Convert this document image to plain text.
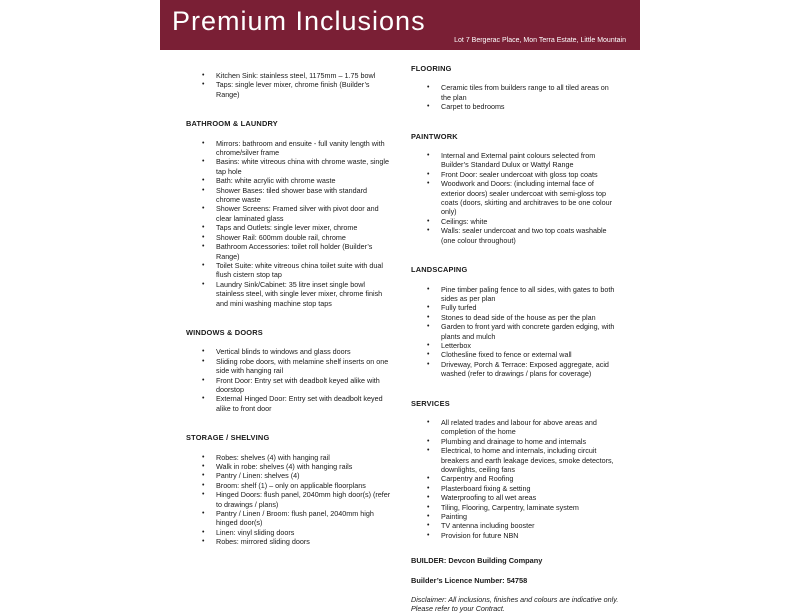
Premium Inclusions
Lot 7 Bergerac Place, Mon Terra Estate, Little Mountain
• Kitchen Sink: stainless steel, 1175mm – 1.75 bowl
• Taps: single lever mixer, chrome finish (Builder’s Range)
BATHROOM & LAUNDRY
• Mirrors: bathroom and ensuite - full vanity length with chrome/silver frame
• Basins: white vitreous china with chrome waste, single tap hole
• Bath: white acrylic with chrome waste
• Shower Bases: tiled shower base with standard chrome waste
• Shower Screens: Framed silver with pivot door and clear laminated glass
• Taps and Outlets: single lever mixer, chrome
• Shower Rail: 600mm double rail, chrome
• Bathroom Accessories: toilet roll holder (Builder’s Range)
• Toilet Suite: white vitreous china toilet suite with dual flush cistern stop tap
• Laundry Sink/Cabinet: 35 litre inset single bowl stainless steel, with single lever mixer, chrome finish and mini washing machine stop taps
WINDOWS & DOORS
• Vertical blinds to windows and glass doors
• Sliding robe doors, with melamine shelf inserts on one side with hanging rail
• Front Door: Entry set with deadbolt keyed alike with doorstop
• External Hinged Door: Entry set with deadbolt keyed alike to front door
STORAGE / SHELVING
• Robes: shelves (4) with hanging rail
• Walk in robe: shelves (4) with hanging rails
• Pantry / Linen: shelves (4)
• Broom: shelf (1) – only on applicable floorplans
• Hinged Doors: flush panel, 2040mm high door(s) (refer to drawings / plans)
• Pantry / Linen / Broom: flush panel, 2040mm high hinged door(s)
• Linen: vinyl sliding doors
• Robes: mirrored sliding doors
FLOORING
• Ceramic tiles from builders range to all tiled areas on the plan
• Carpet to bedrooms
PAINTWORK
• Internal and External paint colours selected from Builder’s Standard Dulux or Wattyl Range
• Front Door: sealer undercoat with gloss top coats
• Woodwork and Doors: (including internal face of exterior doors) sealer undercoat with semi-gloss top coats (doors, skirting and architraves to be one colour only)
• Ceilings: white
• Walls: sealer undercoat and two top coats washable (one colour throughout)
LANDSCAPING
• Pine timber paling fence to all sides, with gates to both sides as per plan
• Fully turfed
• Stones to dead side of the house as per the plan
• Garden to front yard with concrete garden edging, with plants and mulch
• Letterbox
• Clothesline fixed to fence or external wall
• Driveway, Porch & Terrace: Exposed aggregate, acid washed (refer to drawings / plans for coverage)
SERVICES
• All related trades and labour for above areas and completion of the home
• Plumbing and drainage to home and internals
• Electrical, to home and internals, including circuit breakers and earth leakage devices, smoke detectors, downlights, ceiling fans
• Carpentry and Roofing
• Plasterboard fixing & setting
• Waterproofing to all wet areas
• Tiling, Flooring, Carpentry, laminate system
• Painting
• TV antenna including booster
• Provision for future NBN
BUILDER: Devcon Building Company
Builder’s Licence Number: 54758
Disclaimer: All inclusions, finishes and colours are indicative only. Please refer to your Contract.
